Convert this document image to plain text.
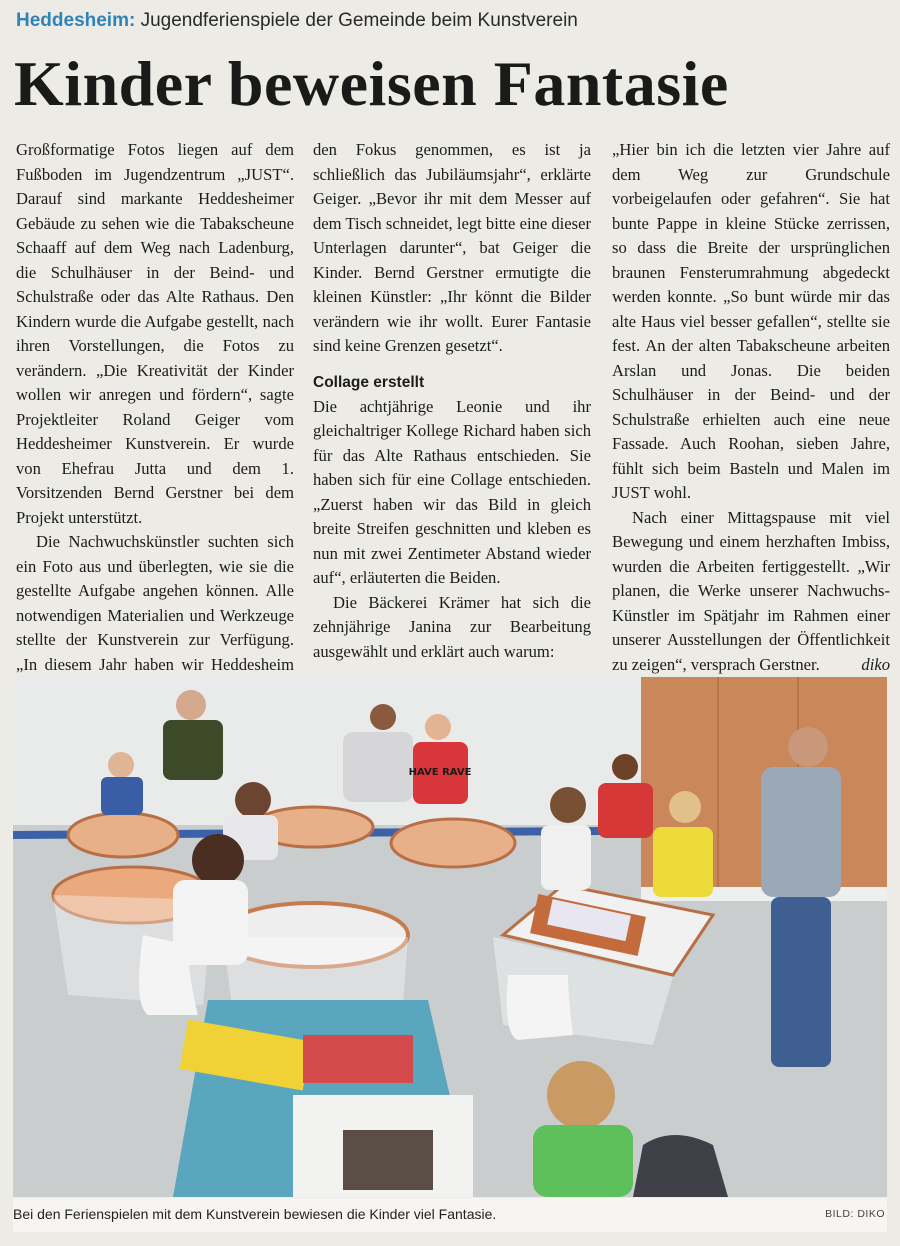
Heddesheim: Jugendferienspiele der Gemeinde beim Kunstverein
Kinder beweisen Fantasie

Großformatige Fotos liegen auf dem Fußboden im Jugendzentrum „JUST“. Darauf sind markante Heddesheimer Gebäude zu sehen wie die Tabakscheune Schaaff auf dem Weg nach Ladenburg, die Schulhäuser in der Beind- und Schulstraße oder das Alte Rathaus. Den Kindern wurde die Aufgabe gestellt, nach ihren Vorstellungen, die Fotos zu verändern. „Die Kreativität der Kinder wollen wir anregen und fördern“, sagte Projektleiter Roland Geiger vom Heddesheimer Kunstverein. Er wurde von Ehefrau Jutta und dem 1. Vorsitzenden Bernd Gerstner bei dem Projekt unterstützt.

Die Nachwuchskünstler suchten sich ein Foto aus und überlegten, wie sie die gestellte Aufgabe angehen können. Alle notwendigen Materialien und Werkzeuge stellte der Kunstverein zur Verfügung. „In diesem Jahr haben wir Heddesheim

den Fokus genommen, es ist ja schließlich das Jubiläumsjahr“, erklärte Geiger. „Bevor ihr mit dem Messer auf dem Tisch schneidet, legt bitte eine dieser Unterlagen darunter“, bat Geiger die Kinder. Bernd Gerstner ermutigte die kleinen Künstler: „Ihr könnt die Bilder verändern wie ihr wollt. Eurer Fantasie sind keine Grenzen gesetzt“.

Collage erstellt

Die achtjährige Leonie und ihr gleichaltriger Kollege Richard haben sich für das Alte Rathaus entschieden. Sie haben sich für eine Collage entschieden. „Zuerst haben wir das Bild in gleich breite Streifen geschnitten und kleben es nun mit zwei Zentimeter Abstand wieder auf“, erläuterten die Beiden.

Die Bäckerei Krämer hat sich die zehnjährige Janina zur Bearbeitung ausgewählt und erklärt auch warum:

„Hier bin ich die letzten vier Jahre auf dem Weg zur Grundschule vorbeigelaufen oder gefahren“. Sie hat bunte Pappe in kleine Stücke zerrissen, so dass die Breite der ursprünglichen braunen Fensterumrahmung abgedeckt werden konnte. „So bunt würde mir das alte Haus viel besser gefallen“, stellte sie fest. An der alten Tabakscheune arbeiten Arslan und Jonas. Die beiden Schulhäuser in der Beind- und der Schulstraße erhielten auch eine neue Fassade. Auch Roohan, sieben Jahre, fühlt sich beim Basteln und Malen im JUST wohl.

Nach einer Mittagspause mit viel Bewegung und einem herzhaften Imbiss, wurden die Arbeiten fertiggestellt. „Wir planen, die Werke unserer Nachwuchs-Künstler im Spätjahr im Rahmen einer unserer Ausstellungen der Öffentlichkeit zu zeigen“, versprach Gerstner.	diko

HAVE RAVE
Bei den Ferienspielen mit dem Kunstverein bewiesen die Kinder viel Fantasie.	BILD: DIKO
